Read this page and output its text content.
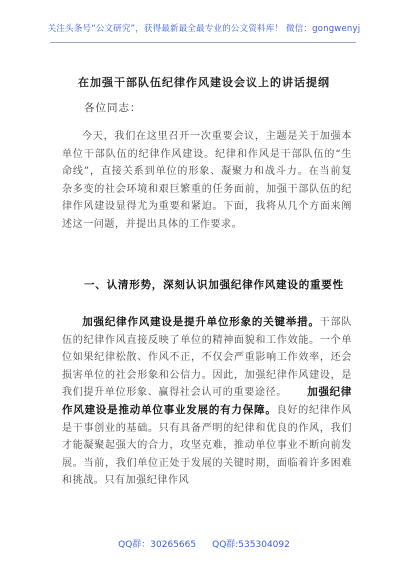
关注头条号“公文研究”，获得最新最全最专业的公文资料库！ 微信：gongwenyj
在加强干部队伍纪律作风建设会议上的讲话提纲
各位同志：
今天，我们在这里召开一次重要会议，主题是关于加强本单位干部队伍的纪律作风建设。纪律和作风是干部队伍的“生命线”，直接关系到单位的形象、凝聚力和战斗力。在当前复杂多变的社会环境和艰巨繁重的任务面前，加强干部队伍的纪律作风建设显得尤为重要和紧迫。下面，我将从几个方面来阐述这一问题，并提出具体的工作要求。
一、认清形势，深刻认识加强纪律作风建设的重要性
加强纪律作风建设是提升单位形象的关键举措。干部队伍的纪律作风直接反映了单位的精神面貌和工作效能。一个单位如果纪律松散、作风不正，不仅会严重影响工作效率，还会损害单位的社会形象和公信力。因此，加强纪律作风建设，是我们提升单位形象、赢得社会认可的重要途径。 加强纪律作风建设是推动单位事业发展的有力保障。良好的纪律作风是干事创业的基础。只有具备严明的纪律和优良的作风，我们才能凝聚起强大的合力，攻坚克难，推动单位事业不断向前发展。当前，我们单位正处于发展的关键时期，面临着许多困难和挑战。只有加强纪律作风
QQ群：30265665 QQ群:535304092
